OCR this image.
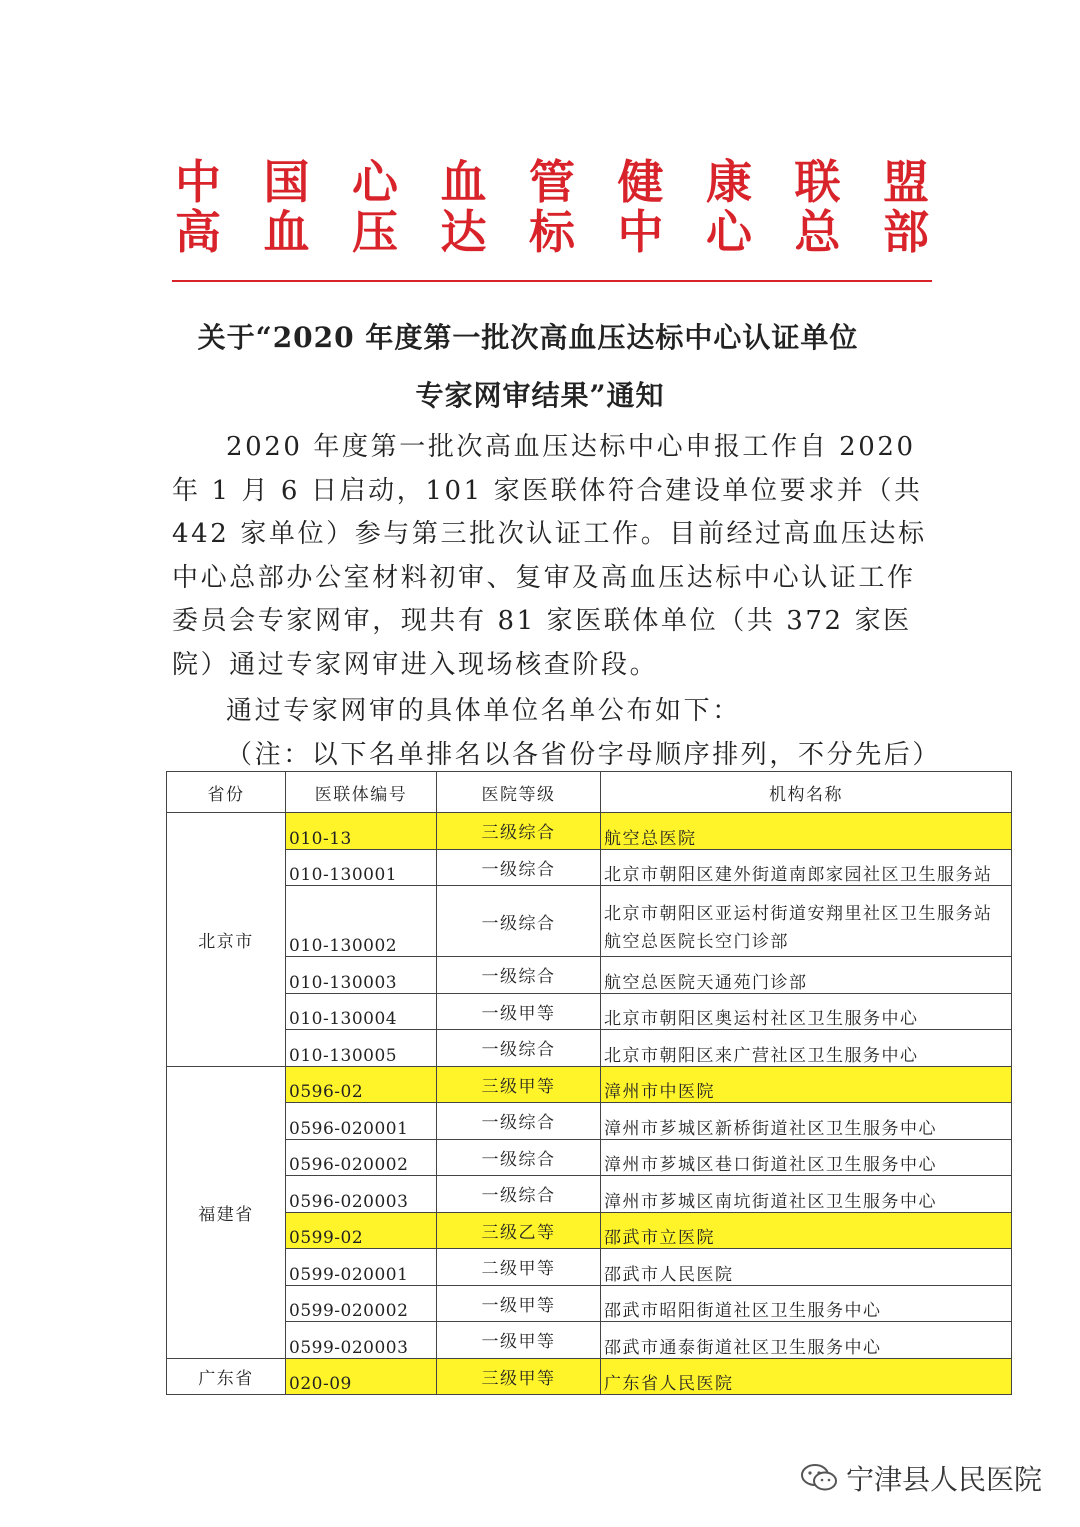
中 国 心 血 管 健 康 联 盟
高 血 压 达 标 中 心 总 部
关于“2020 年度第一批次高血压达标中心认证单位
专家网审结果”通知
2020 年度第一批次高血压达标中心申报工作自 2020 年 1 月 6 日启动，101 家医联体符合建设单位要求并（共 442 家单位）参与第三批次认证工作。目前经过高血压达标中心总部办公室材料初审、复审及高血压达标中心认证工作委员会专家网审，现共有 81 家医联体单位（共 372 家医院）通过专家网审进入现场核查阶段。
通过专家网审的具体单位名单公布如下：
（注：以下名单排名以各省份字母顺序排列，不分先后）
省份	医联体编号	医院等级	机构名称
北京市	010-13	三级综合	航空总医院
	010-130001	一级综合	北京市朝阳区建外街道南郎家园社区卫生服务站
	010-130002	一级综合	北京市朝阳区亚运村街道安翔里社区卫生服务站
航空总医院长空门诊部

	010-130003	一级综合	航空总医院天通苑门诊部
	010-130004	一级甲等	北京市朝阳区奥运村社区卫生服务中心
	010-130005	一级综合	北京市朝阳区来广营社区卫生服务中心
福建省	0596-02	三级甲等	漳州市中医院
	0596-020001	一级综合	漳州市芗城区新桥街道社区卫生服务中心
	0596-020002	一级综合	漳州市芗城区巷口街道社区卫生服务中心
	0596-020003	一级综合	漳州市芗城区南坑街道社区卫生服务中心
	0599-02	三级乙等	邵武市立医院
	0599-020001	二级甲等	邵武市人民医院
	0599-020002	一级甲等	邵武市昭阳街道社区卫生服务中心
	0599-020003	一级甲等	邵武市通泰街道社区卫生服务中心
广东省	020-09	三级甲等	广东省人民医院
宁津县人民医院
